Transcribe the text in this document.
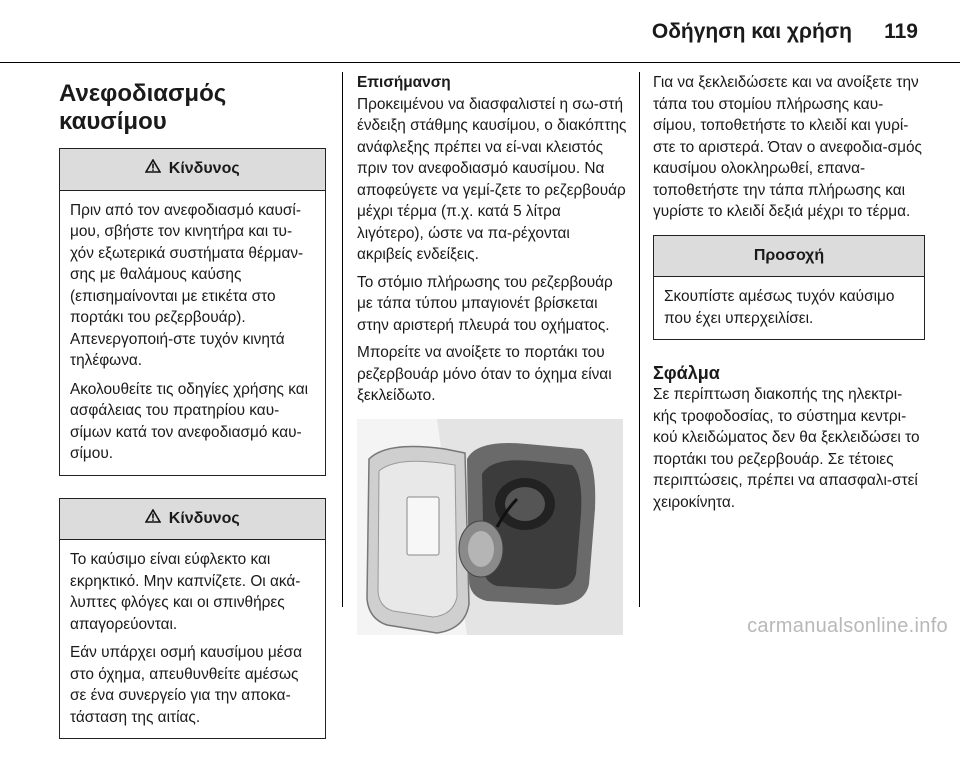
Οδήγηση και χρήση 119
Ανεφοδιασμός καυσίμου
Κίνδυνος

Πριν από τον ανεφοδιασμό καυσί-μου, σβήστε τον κινητήρα και τυ-χόν εξωτερικά συστήματα θέρμαν-σης με θαλάμους καύσης (επισημαίνονται με ετικέτα στο πορτάκι του ρεζερβουάρ). Απενεργοποιή-στε τυχόν κινητά τηλέφωνα.

Ακολουθείτε τις οδηγίες χρήσης και ασφάλειας του πρατηρίου καυ-σίμων κατά τον ανεφοδιασμό καυ-σίμου.

Κίνδυνος

Το καύσιμο είναι εύφλεκτο και εκρηκτικό. Μην καπνίζετε. Οι ακά-λυπτες φλόγες και οι σπινθήρες απαγορεύονται.

Εάν υπάρχει οσμή καυσίμου μέσα στο όχημα, απευθυνθείτε αμέσως σε ένα συνεργείο για την αποκα-τάσταση της αιτίας.

Επισήμανση

Προκειμένου να διασφαλιστεί η σω-στή ένδειξη στάθμης καυσίμου, ο διακόπτης ανάφλεξης πρέπει να εί-ναι κλειστός πριν τον ανεφοδιασμό καυσίμου. Να αποφεύγετε να γεμί-ζετε το ρεζερβουάρ μέχρι τέρμα (π.χ. κατά 5 λίτρα λιγότερο), ώστε να πα-ρέχονται ακριβείς ενδείξεις.

Το στόμιο πλήρωσης του ρεζερβουάρ με τάπα τύπου μπαγιονέτ βρίσκεται στην αριστερή πλευρά του οχήματος.

Μπορείτε να ανοίξετε το πορτάκι του ρεζερβουάρ μόνο όταν το όχημα είναι ξεκλείδωτο.

Για να ξεκλειδώσετε και να ανοίξετε την τάπα του στομίου πλήρωσης καυ-σίμου, τοποθετήστε το κλειδί και γυρί-στε το αριστερά. Όταν ο ανεφοδια-σμός καυσίμου ολοκληρωθεί, επανα-τοποθετήστε την τάπα πλήρωσης και γυρίστε το κλειδί δεξιά μέχρι το τέρμα.

Προσοχή

Σκουπίστε αμέσως τυχόν καύσιμο που έχει υπερχειλίσει.

Σφάλμα

Σε περίπτωση διακοπής της ηλεκτρι-κής τροφοδοσίας, το σύστημα κεντρι-κού κλειδώματος δεν θα ξεκλειδώσει το πορτάκι του ρεζερβουάρ. Σε τέτοιες περιπτώσεις, πρέπει να απασφαλι-στεί χειροκίνητα.

carmanualsonline.info
